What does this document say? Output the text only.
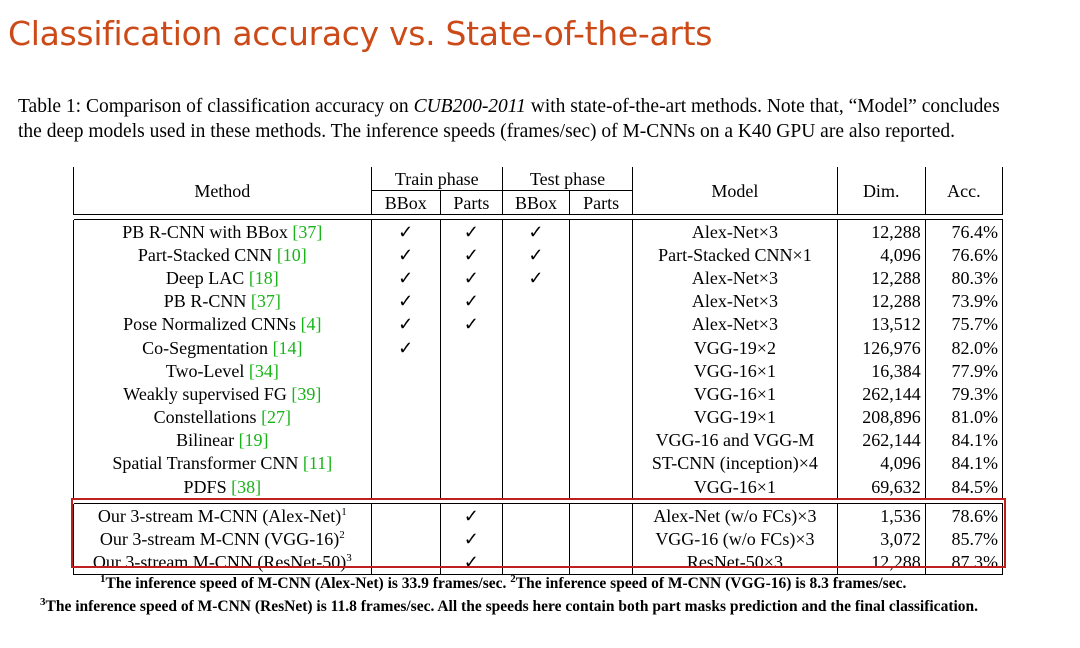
Classification accuracy vs. State-of-the-arts

Table 1: Comparison of classification accuracy on CUB200-2011 with state-of-the-art methods. Note that, “Model” concludes
the deep models used in these methods. The inference speeds (frames/sec) of M-CNNs on a K40 GPU are also reported.

Method	Train phase		Test phase		Model	Dim.	Acc.
	BBox	Parts	BBox	Parts			

PB R-CNN with BBox [37]	✓	✓	✓		Alex-Net×3	12,288	76.4%
Part-Stacked CNN [10]	✓	✓	✓		Part-Stacked CNN×1	4,096	76.6%
Deep LAC [18]	✓	✓	✓		Alex-Net×3	12,288	80.3%
PB R-CNN [37]	✓	✓			Alex-Net×3	12,288	73.9%
Pose Normalized CNNs [4]	✓	✓			Alex-Net×3	13,512	75.7%
Co-Segmentation [14]	✓				VGG-19×2	126,976	82.0%
Two-Level [34]					VGG-16×1	16,384	77.9%
Weakly supervised FG [39]					VGG-16×1	262,144	79.3%
Constellations [27]					VGG-19×1	208,896	81.0%
Bilinear [19]					VGG-16 and VGG-M	262,144	84.1%
Spatial Transformer CNN [11]					ST-CNN (inception)×4	4,096	84.1%
PDFS [38]					VGG-16×1	69,632	84.5%

Our 3-stream M-CNN (Alex-Net)$^1$		✓			Alex-Net (w/o FCs)×3	1,536	78.6%
Our 3-stream M-CNN $(VGG-16)^2$		✓			VGG-16 (w/o FCs)×3	3,072	85.7%
Our 3-stream M-CNN (ResNet-50)$^3$		✓			ResNet-50×3	12,288	87.3%

$^1$The inference speed of M-CNN (Alex-Net) is 33.9 frames/sec. $^2$The inference speed of M-CNN (VGG-16) is 8.3 frames/sec.
$^3$The inference speed of M-CNN (ResNet) is 11.8 frames/sec. All the speeds here contain both part masks prediction and the final classification.
